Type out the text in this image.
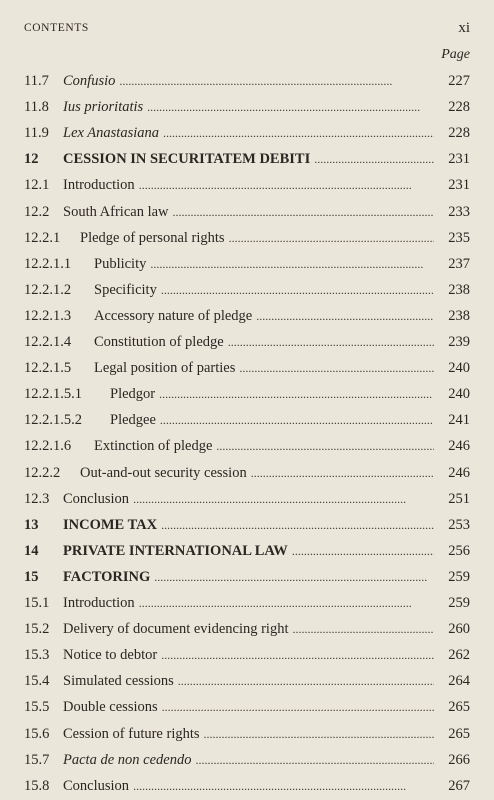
CONTENTS	xi
Page
11.7 Confusio . . .	227
11.8 Ius prioritatis . . .	228
11.9 Lex Anastasiana . . .	228
12	CESSION IN SECURITATEM DEBITI . . .	231
12.1 Introduction . . .	231
12.2 South African law . . .	233
12.2.1	Pledge of personal rights . . .	235
12.2.1.1	Publicity . . .	237
12.2.1.2	Specificity . . .	238
12.2.1.3	Accessory nature of pledge . . .	238
12.2.1.4	Constitution of pledge . . .	239
12.2.1.5	Legal position of parties . . .	240
12.2.1.5.1	Pledgor . . .	240
12.2.1.5.2	Pledgee . . .	241
12.2.1.6	Extinction of pledge . . .	246
12.2.2	Out-and-out security cession . . .	246
12.3 Conclusion . . .	251
13	INCOME TAX . . .	253
14	PRIVATE INTERNATIONAL LAW . . .	256
15	FACTORING . . .	259
15.1 Introduction . . .	259
15.2 Delivery of document evidencing right . . .	260
15.3 Notice to debtor . . .	262
15.4 Simulated cessions . . .	264
15.5 Double cessions . . .	265
15.6 Cession of future rights . . .	265
15.7 Pacta de non cedendo . . .	266
15.8 Conclusion . . .	267
